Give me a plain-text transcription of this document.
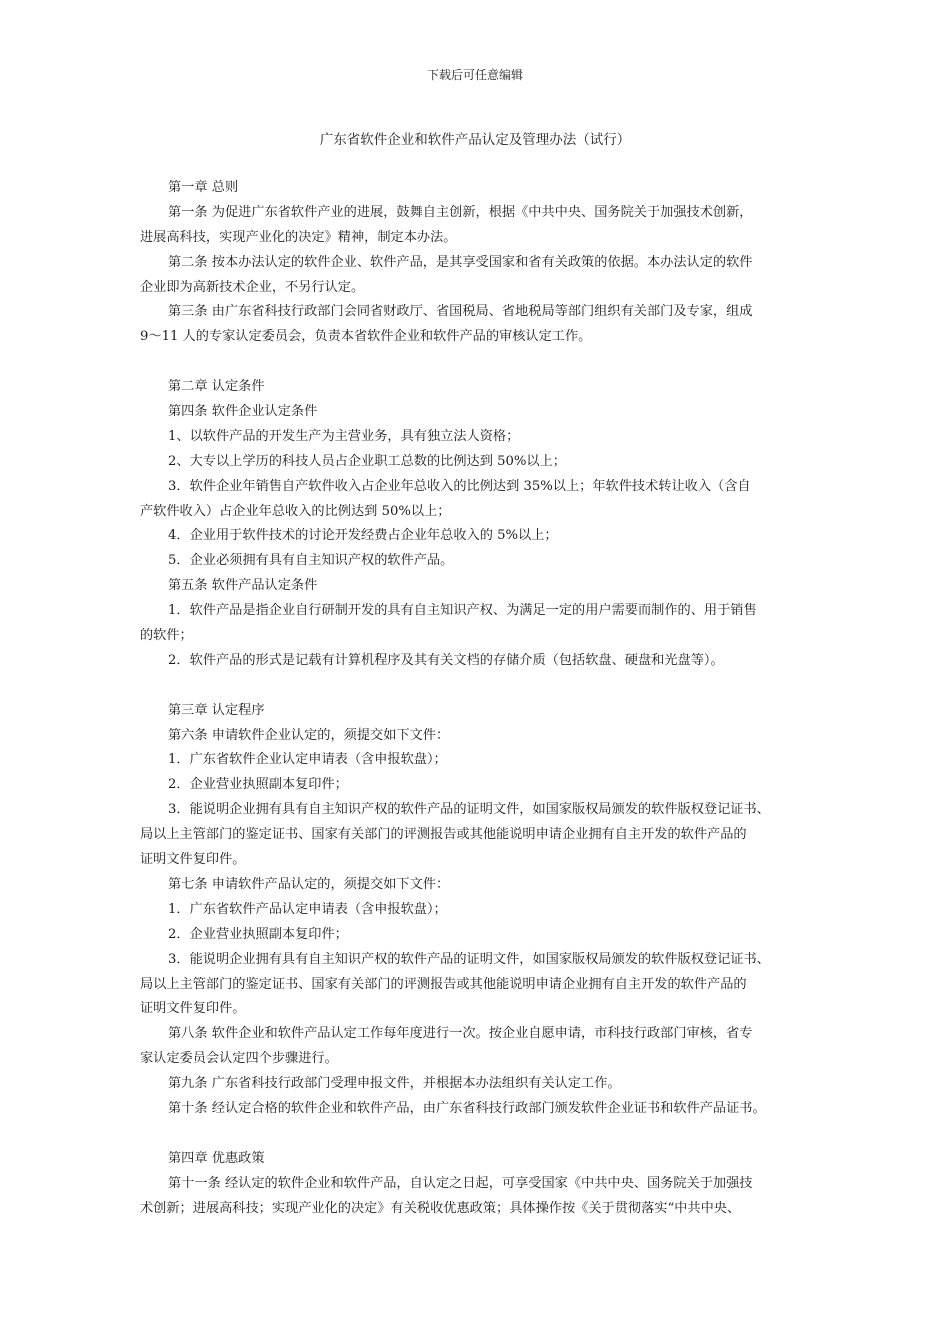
下载后可任意编辑
广东省软件企业和软件产品认定及管理办法（试行）
第一章 总则
第一条 为促进广东省软件产业的进展，鼓舞自主创新，根据《中共中央、国务院关于加强技术创新，
进展高科技，实现产业化的决定》精神，制定本办法。
第二条 按本办法认定的软件企业、软件产品，是其享受国家和省有关政策的依据。本办法认定的软件
企业即为高新技术企业，不另行认定。
第三条 由广东省科技行政部门会同省财政厅、省国税局、省地税局等部门组织有关部门及专家，组成
9～11 人的专家认定委员会，负责本省软件企业和软件产品的审核认定工作。
第二章 认定条件
第四条 软件企业认定条件
1、以软件产品的开发生产为主营业务，具有独立法人资格；
2、大专以上学历的科技人员占企业职工总数的比例达到 50%以上；
3．软件企业年销售自产软件收入占企业年总收入的比例达到 35%以上；年软件技术转让收入（含自
产软件收入）占企业年总收入的比例达到 50%以上；
4．企业用于软件技术的讨论开发经费占企业年总收入的 5%以上；
5．企业必须拥有具有自主知识产权的软件产品。
第五条 软件产品认定条件
1．软件产品是指企业自行研制开发的具有自主知识产权、为满足一定的用户需要而制作的、用于销售
的软件；
2．软件产品的形式是记载有计算机程序及其有关文档的存储介质（包括软盘、硬盘和光盘等）。
第三章 认定程序
第六条 申请软件企业认定的，须提交如下文件：
1．广东省软件企业认定申请表（含申报软盘）；
2．企业营业执照副本复印件；
3．能说明企业拥有具有自主知识产权的软件产品的证明文件，如国家版权局颁发的软件版权登记证书、
局以上主管部门的鉴定证书、国家有关部门的评测报告或其他能说明申请企业拥有自主开发的软件产品的
证明文件复印件。
第七条 申请软件产品认定的，须提交如下文件：
1．广东省软件产品认定申请表（含申报软盘）；
2．企业营业执照副本复印件；
3．能说明企业拥有具有自主知识产权的软件产品的证明文件，如国家版权局颁发的软件版权登记证书、
局以上主管部门的鉴定证书、国家有关部门的评测报告或其他能说明申请企业拥有自主开发的软件产品的
证明文件复印件。
第八条 软件企业和软件产品认定工作每年度进行一次。按企业自愿申请，市科技行政部门审核，省专
家认定委员会认定四个步骤进行。
第九条 广东省科技行政部门受理申报文件，并根据本办法组织有关认定工作。
第十条 经认定合格的软件企业和软件产品，由广东省科技行政部门颁发软件企业证书和软件产品证书。
第四章 优惠政策
第十一条 经认定的软件企业和软件产品，自认定之日起，可享受国家《中共中央、国务院关于加强技
术创新；进展高科技；实现产业化的决定》有关税收优惠政策；具体操作按《关于贯彻落实“中共中央、
